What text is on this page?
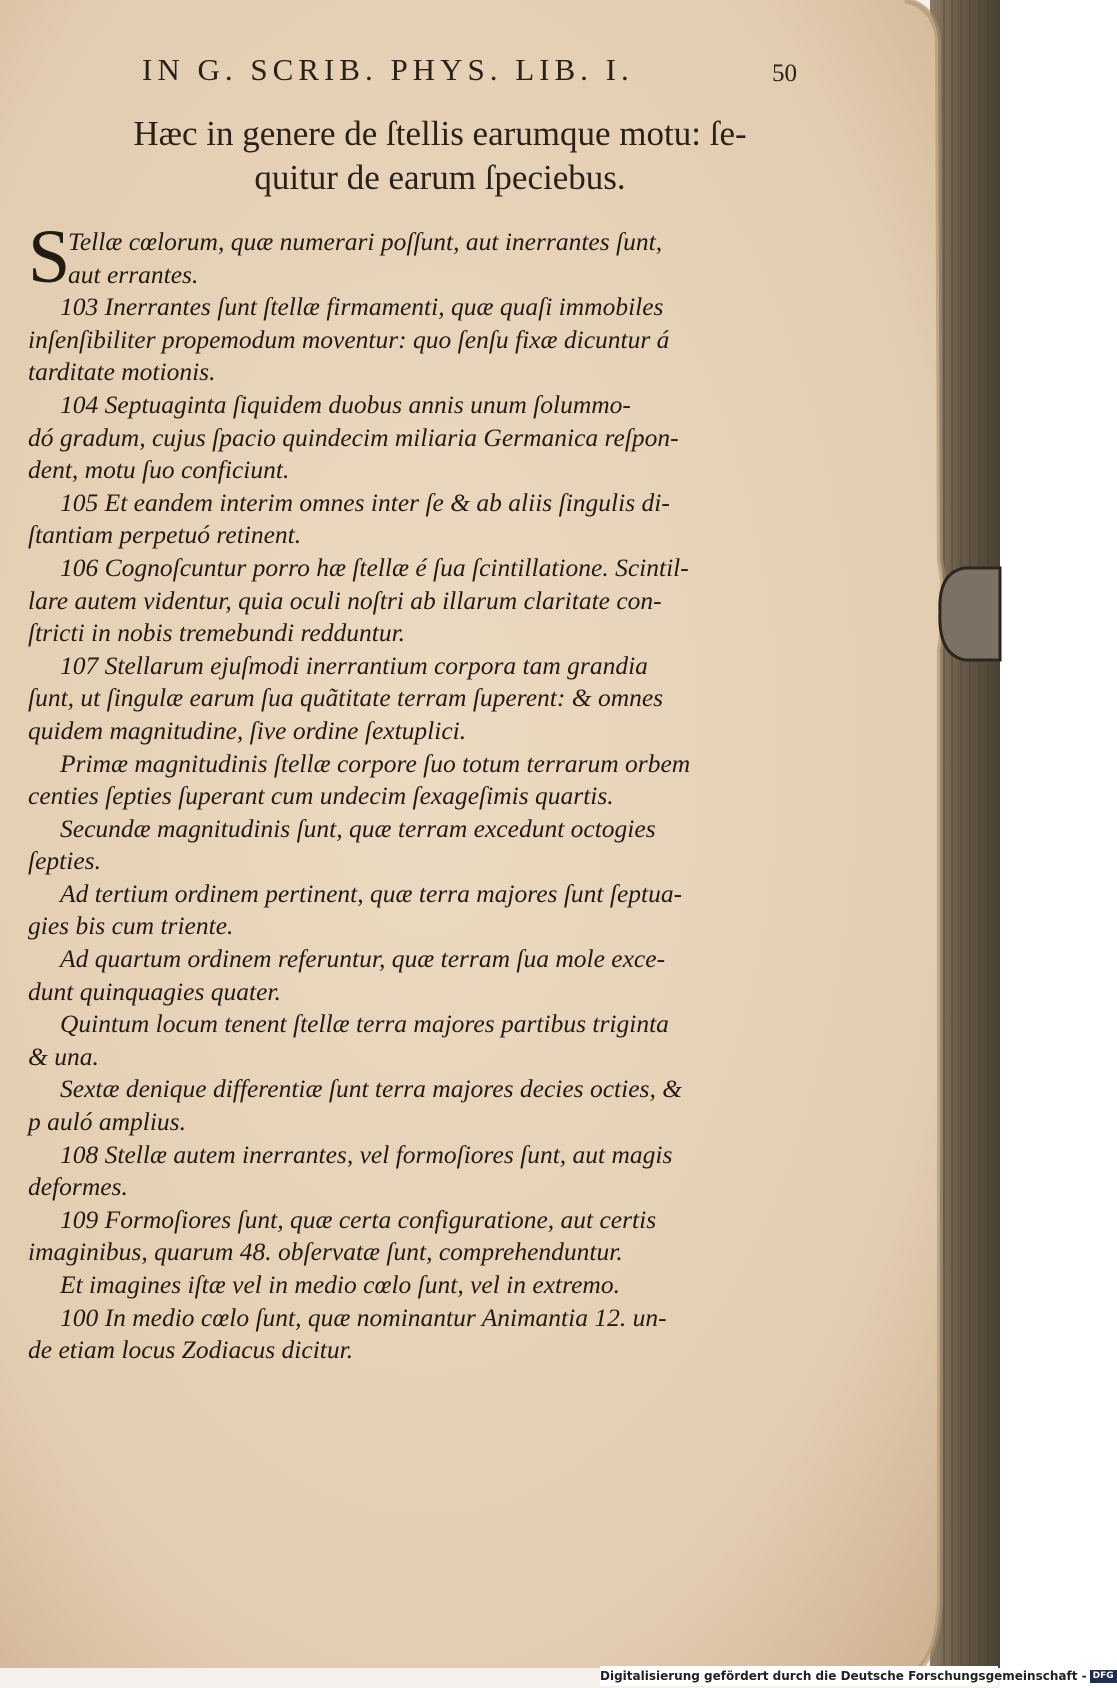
IN G. SCRIB. PHYS. LIB. I.	50
Hæc in genere de ſtellis earumque motu: ſe-
quitur de earum ſpeciebus.

S
Tellæ cœlorum, quæ numerari poſſunt, aut inerrantes ſunt,
aut errantes.

103 Inerrantes ſunt ſtellæ firmamenti, quæ quaſi immobiles

inſenſibiliter propemodum moventur: quo ſenſu fixæ dicuntur á
tarditate motionis.

104 Septuaginta ſiquidem duobus annis unum ſolummo-

dó gradum, cujus ſpacio quindecim miliaria Germanica reſpon-
dent, motu ſuo conficiunt.

105 Et eandem interim omnes inter ſe & ab aliis ſingulis di-

ſtantiam perpetuó retinent.

106 Cognoſcuntur porro hæ ſtellæ é ſua ſcintillatione. Scintil-

lare autem videntur, quia oculi noſtri ab illarum claritate con-
ſtricti in nobis tremebundi redduntur.

107 Stellarum ejuſmodi inerrantium corpora tam grandia

ſunt, ut ſingulæ earum ſua quãtitate terram ſuperent: & omnes
quidem magnitudine, ſive ordine ſextuplici.

Primæ magnitudinis ſtellæ corpore ſuo totum terrarum orbem

centies ſepties ſuperant cum undecim ſexageſimis quartis.

Secundæ magnitudinis ſunt, quæ terram excedunt octogies

ſepties.

Ad tertium ordinem pertinent, quæ terra majores ſunt ſeptua-

gies bis cum triente.

Ad quartum ordinem referuntur, quæ terram ſua mole exce-

dunt quinquagies quater.

Quintum locum tenent ſtellæ terra majores partibus triginta

& una.

Sextæ denique differentiæ ſunt terra majores decies octies, &

p auló amplius.

108 Stellæ autem inerrantes, vel formoſiores ſunt, aut magis

deformes.

109 Formoſiores ſunt, quæ certa configuratione, aut certis

imaginibus, quarum 48. obſervatæ ſunt, comprehenduntur.

Et imagines iſtæ vel in medio cœlo ſunt, vel in extremo.

100 In medio cœlo ſunt, quæ nominantur Animantia 12. un-

de etiam locus Zodiacus dicitur.

Digitalisierung gefördert durch die Deutsche Forschungsgemeinschaft - DFG
